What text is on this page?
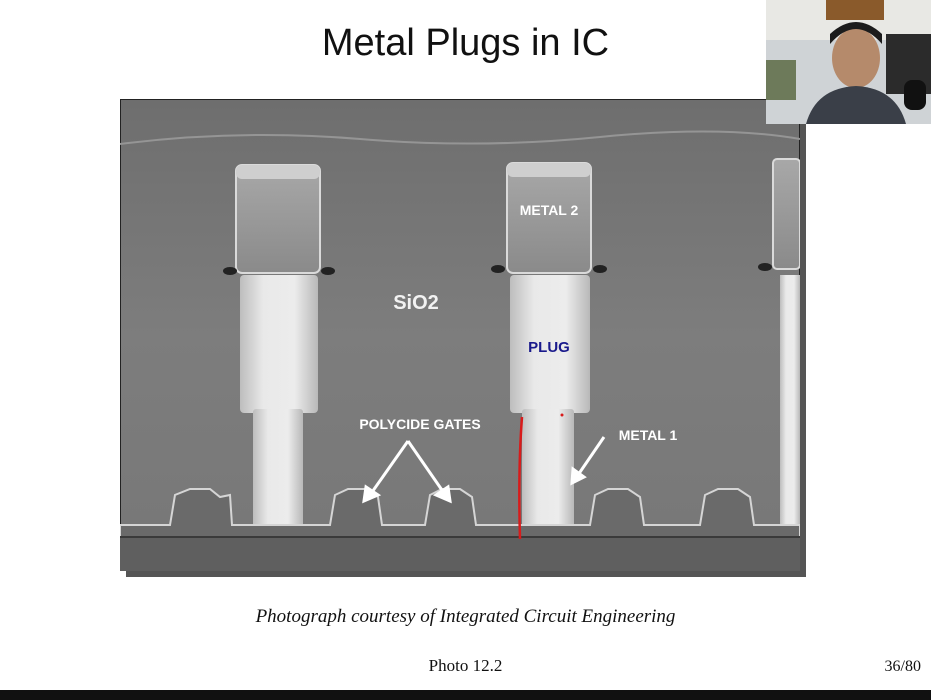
Metal Plugs in IC
METAL 2
SiO2
PLUG
POLYCIDE GATES
METAL 1
Photograph courtesy of Integrated Circuit Engineering
Photo 12.2	36/80
